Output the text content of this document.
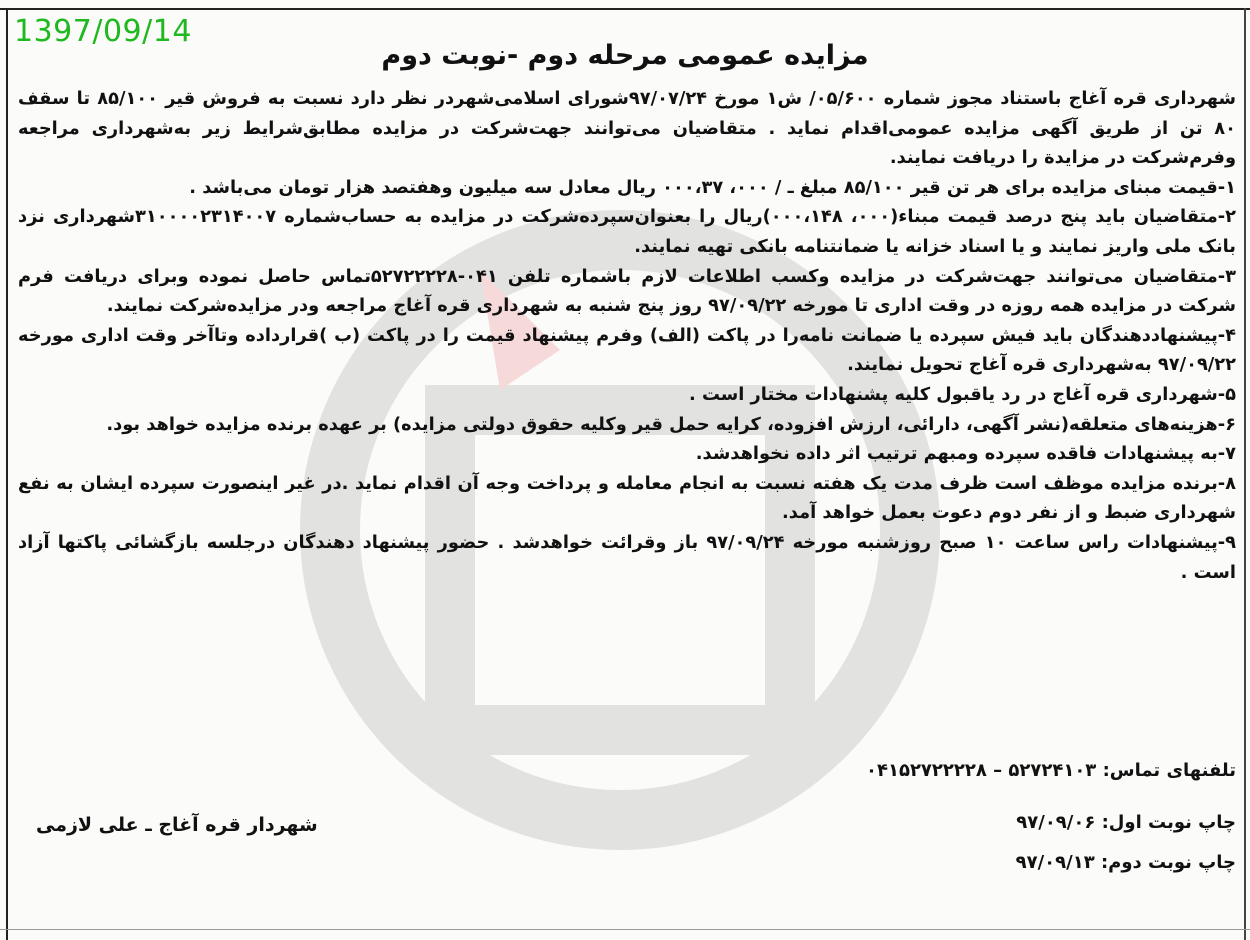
1397/09/14
مزایده عمومی مرحله دوم -نوبت دوم

شهرداری قره آغاج باستناد مجوز شماره ۰۵/۶۰۰/ ش۱ مورخ ۹۷/۰۷/۲۴شورای اسلامی‌شهردر نظر دارد نسبت به فروش قیر ۸۵/۱۰۰ تا سقف ۸۰ تن از طریق آگهی مزایده عمومی‌اقدام نماید . متقاضیان می‌توانند جهت‌شرکت در مزایده مطابق‌شرایط زیر به‌شهرداری مراجعه وفرم‌شرکت در مزایدة را دریافت نمایند.

۱-قیمت مبنای مزایده برای هر تن قیر ۸۵/۱۰۰ مبلغ ـ / ۰۰۰، ۰۰۰،۳۷ ریال معادل سه میلیون وهفتصد هزار تومان می‌باشد .

۲-متقاضیان باید پنج درصد قیمت مبناء(۰۰۰، ۰۰۰،۱۴۸)ریال را بعنوان‌سپرده‌شرکت در مزایده به حساب‌شماره ۳۱۰۰۰۰۲۳۱۴۰۰۷شهرداری نزد بانک ملی واریز نمایند و یا اسناد خزانه یا ضمانتنامه بانکی تهیه نمایند.

۳-متقاضیان می‌توانند جهت‌شرکت در مزایده وکسب اطلاعات لازم باشماره تلفن ۰۴۱-۵۲۷۲۲۲۲۸تماس حاصل نموده وبرای دریافت فرم شرکت در مزایده همه روزه در وقت اداری تا مورخه ۹۷/۰۹/۲۲ روز پنج شنبه به شهرداری قره آغاج مراجعه ودر مزایده‌شرکت نمایند.

۴-پیشنهاددهندگان باید فیش سپرده یا ضمانت نامه‌را در پاکت (الف) وفرم پیشنهاد قیمت را در پاکت (ب )قرارداده وتاآخر وقت اداری مورخه ۹۷/۰۹/۲۲ به‌شهرداری قره آغاج تحویل نمایند.

۵-شهرداری قره آغاج در رد یاقبول کلیه پشنهادات مختار است .

۶-هزینه‌های متعلقه(نشر آگهی، دارائی، ارزش افزوده، کرایه حمل قیر وکلیه حقوق دولتی مزایده) بر عهده برنده مزایده خواهد بود.

۷-به پیشنهادات فاقده سپرده ومبهم ترتیب اثر داده نخواهد‌شد.

۸-برنده مزایده موظف است ظرف مدت یک هفته نسبت به انجام معامله و پرداخت وجه آن اقدام نماید .در غیر اینصورت سپرده ایشان به نفع شهرداری ضبط و از نفر دوم دعوت بعمل خواهد آمد.

۹-پیشنهادات راس ساعت ۱۰ صبح روزشنبه مورخه ۹۷/۰۹/۲۴ باز وقرائت خواهد‌شد . حضور پیشنهاد دهندگان درجلسه بازگشائی پاکتها آزاد است .

تلفنهای تماس: ۵۲۷۲۴۱۰۳ – ۰۴۱۵۲۷۲۲۲۲۸
چاپ نوبت اول: ۹۷/۰۹/۰۶
چاپ نوبت دوم: ۹۷/۰۹/۱۳
شهردار قره آغاج ـ علی لازمی
